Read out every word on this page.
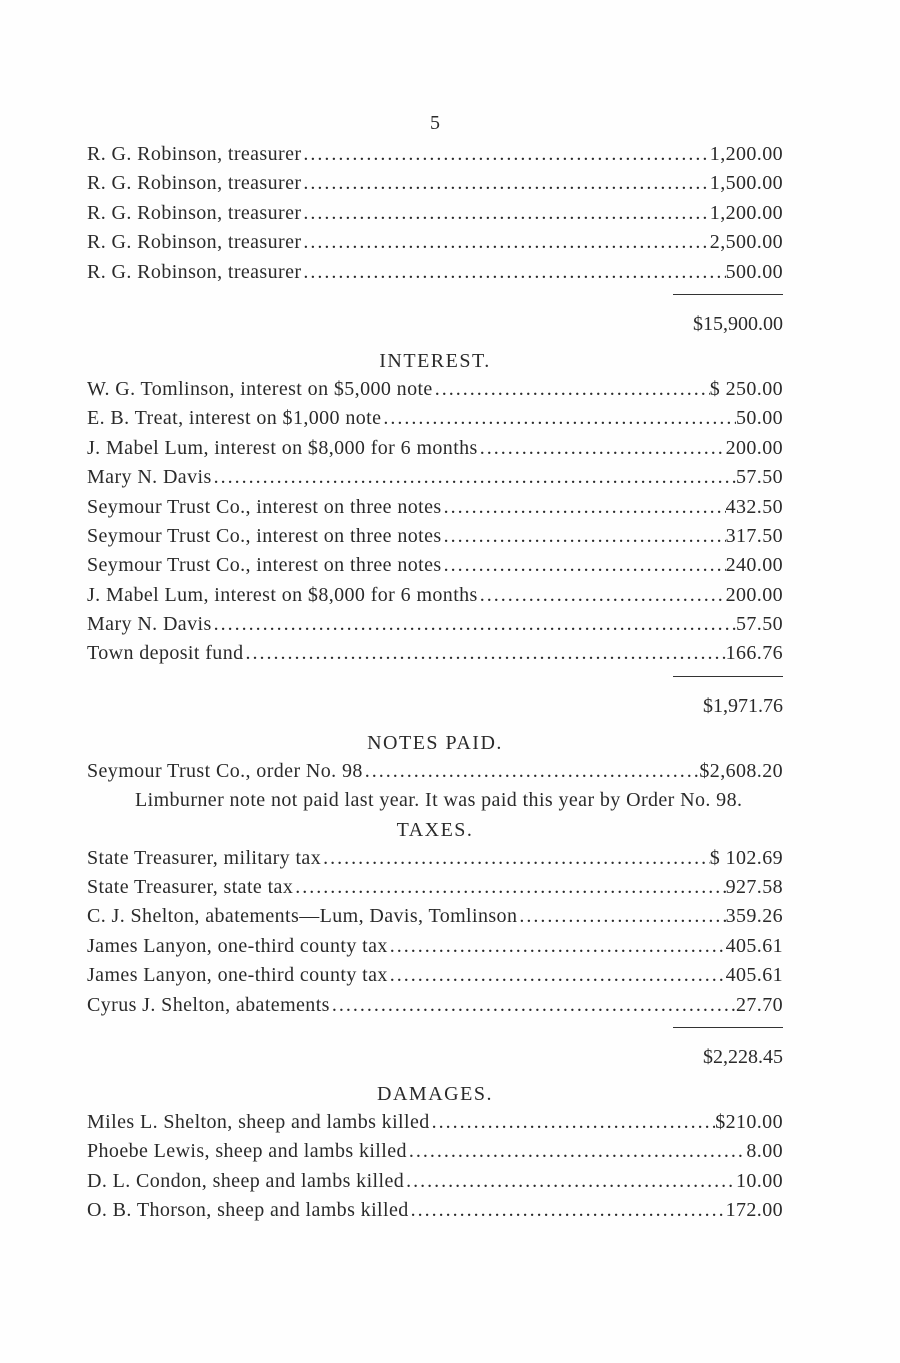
5
R. G. Robinson, treasurer .....	1,200.00
R. G. Robinson, treasurer .....	1,500.00
R. G. Robinson, treasurer .....	1,200.00
R. G. Robinson, treasurer .....	2,500.00
R. G. Robinson, treasurer .....	500.00
$15,900.00
INTEREST.
W. G. Tomlinson, interest on $5,000 note .....	$ 250.00
E. B. Treat, interest on $1,000 note .....	50.00
J. Mabel Lum, interest on $8,000 for 6 months .....	200.00
Mary N. Davis .....	57.50
Seymour Trust Co., interest on three notes .....	432.50
Seymour Trust Co., interest on three notes .....	317.50
Seymour Trust Co., interest on three notes .....	240.00
J. Mabel Lum, interest on $8,000 for 6 months .....	200.00
Mary N. Davis .....	57.50
Town deposit fund .....	166.76
$1,971.76
NOTES PAID.
Seymour Trust Co., order No. 98 .....	$2,608.20
Limburner note not paid last year. It was paid this year by Order No. 98.
TAXES.
State Treasurer, military tax .....	$ 102.69
State Treasurer, state tax .....	927.58
C. J. Shelton, abatements—Lum, Davis, Tomlinson .....	359.26
James Lanyon, one-third county tax .....	405.61
James Lanyon, one-third county tax .....	405.61
Cyrus J. Shelton, abatements .....	27.70
$2,228.45
DAMAGES.
Miles L. Shelton, sheep and lambs killed .....	$210.00
Phoebe Lewis, sheep and lambs killed .....	8.00
D. L. Condon, sheep and lambs killed .....	10.00
O. B. Thorson, sheep and lambs killed .....	172.00
